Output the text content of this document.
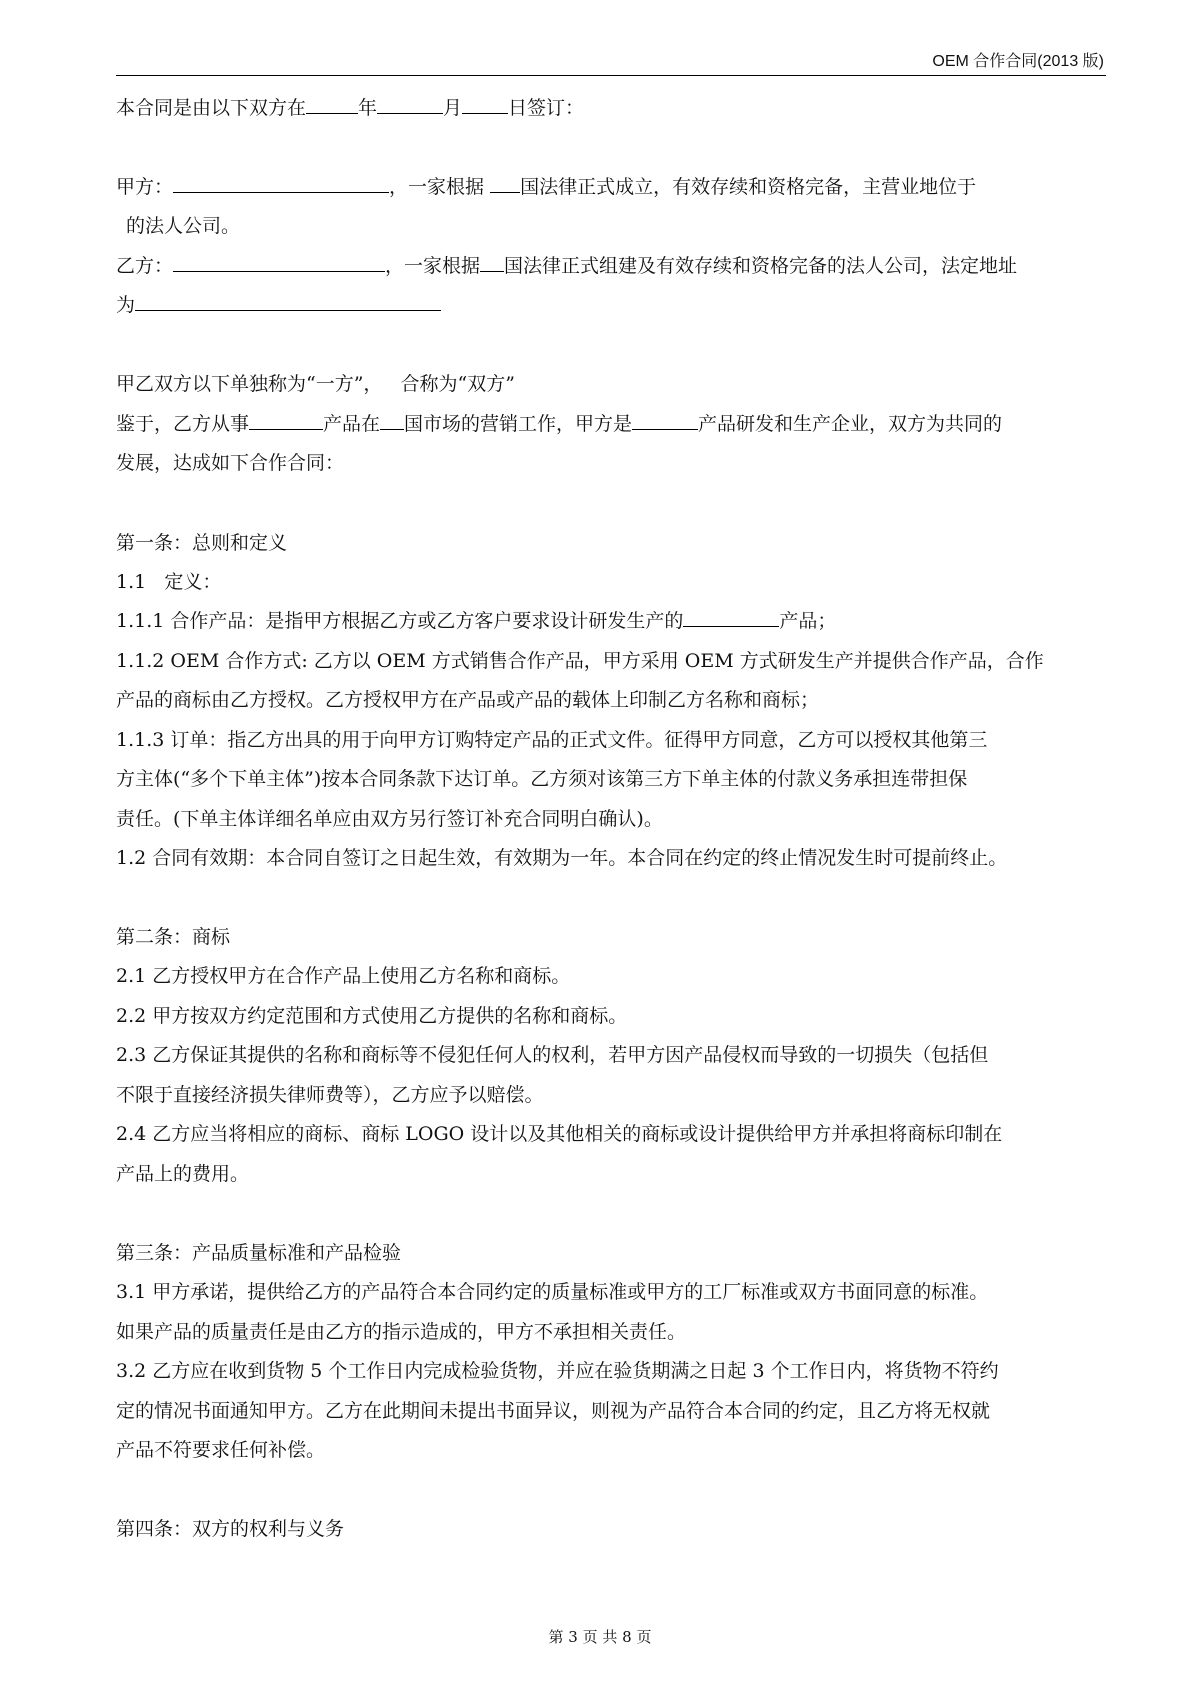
OEM 合作合同(2013 版)
本合同是由以下双方在	年	月 日签订：
甲方：	，一家根据 国法律正式成立，有效存续和资格完备，主营业地位于
的法人公司。
乙方：	，一家根据 国法律正式组建及有效存续和资格完备的法人公司，法定地址
为
甲乙双方以下单独称为“一方”，   合称为“双方”
鉴于，乙方从事	产品在 国市场的营销工作，甲方是	产品研发和生产企业，双方为共同的
发展，达成如下合作合同：
第一条：总则和定义
1.1   定义：
1.1.1 合作产品：是指甲方根据乙方或乙方客户要求设计研发生产的	产品；
1.1.2 OEM 合作方式: 乙方以 OEM 方式销售合作产品，甲方采用 OEM 方式研发生产并提供合作产品，合作
产品的商标由乙方授权。乙方授权甲方在产品或产品的载体上印制乙方名称和商标；
1.1.3 订单：指乙方出具的用于向甲方订购特定产品的正式文件。征得甲方同意，乙方可以授权其他第三
方主体(“多个下单主体”)按本合同条款下达订单。乙方须对该第三方下单主体的付款义务承担连带担保
责任。(下单主体详细名单应由双方另行签订补充合同明白确认)。
1.2 合同有效期：本合同自签订之日起生效，有效期为一年。本合同在约定的终止情况发生时可提前终止。
第二条：商标
2.1 乙方授权甲方在合作产品上使用乙方名称和商标。
2.2 甲方按双方约定范围和方式使用乙方提供的名称和商标。
2.3 乙方保证其提供的名称和商标等不侵犯任何人的权利，若甲方因产品侵权而导致的一切损失（包括但
不限于直接经济损失律师费等），乙方应予以赔偿。
2.4 乙方应当将相应的商标、商标 LOGO 设计以及其他相关的商标或设计提供给甲方并承担将商标印制在
产品上的费用。
第三条：产品质量标准和产品检验
3.1 甲方承诺，提供给乙方的产品符合本合同约定的质量标准或甲方的工厂标准或双方书面同意的标准。
如果产品的质量责任是由乙方的指示造成的，甲方不承担相关责任。
3.2 乙方应在收到货物 5 个工作日内完成检验货物，并应在验货期满之日起 3 个工作日内，将货物不符约
定的情况书面通知甲方。乙方在此期间未提出书面异议，则视为产品符合本合同的约定，且乙方将无权就
产品不符要求任何补偿。
第四条：双方的权利与义务
第 3 页 共 8 页
